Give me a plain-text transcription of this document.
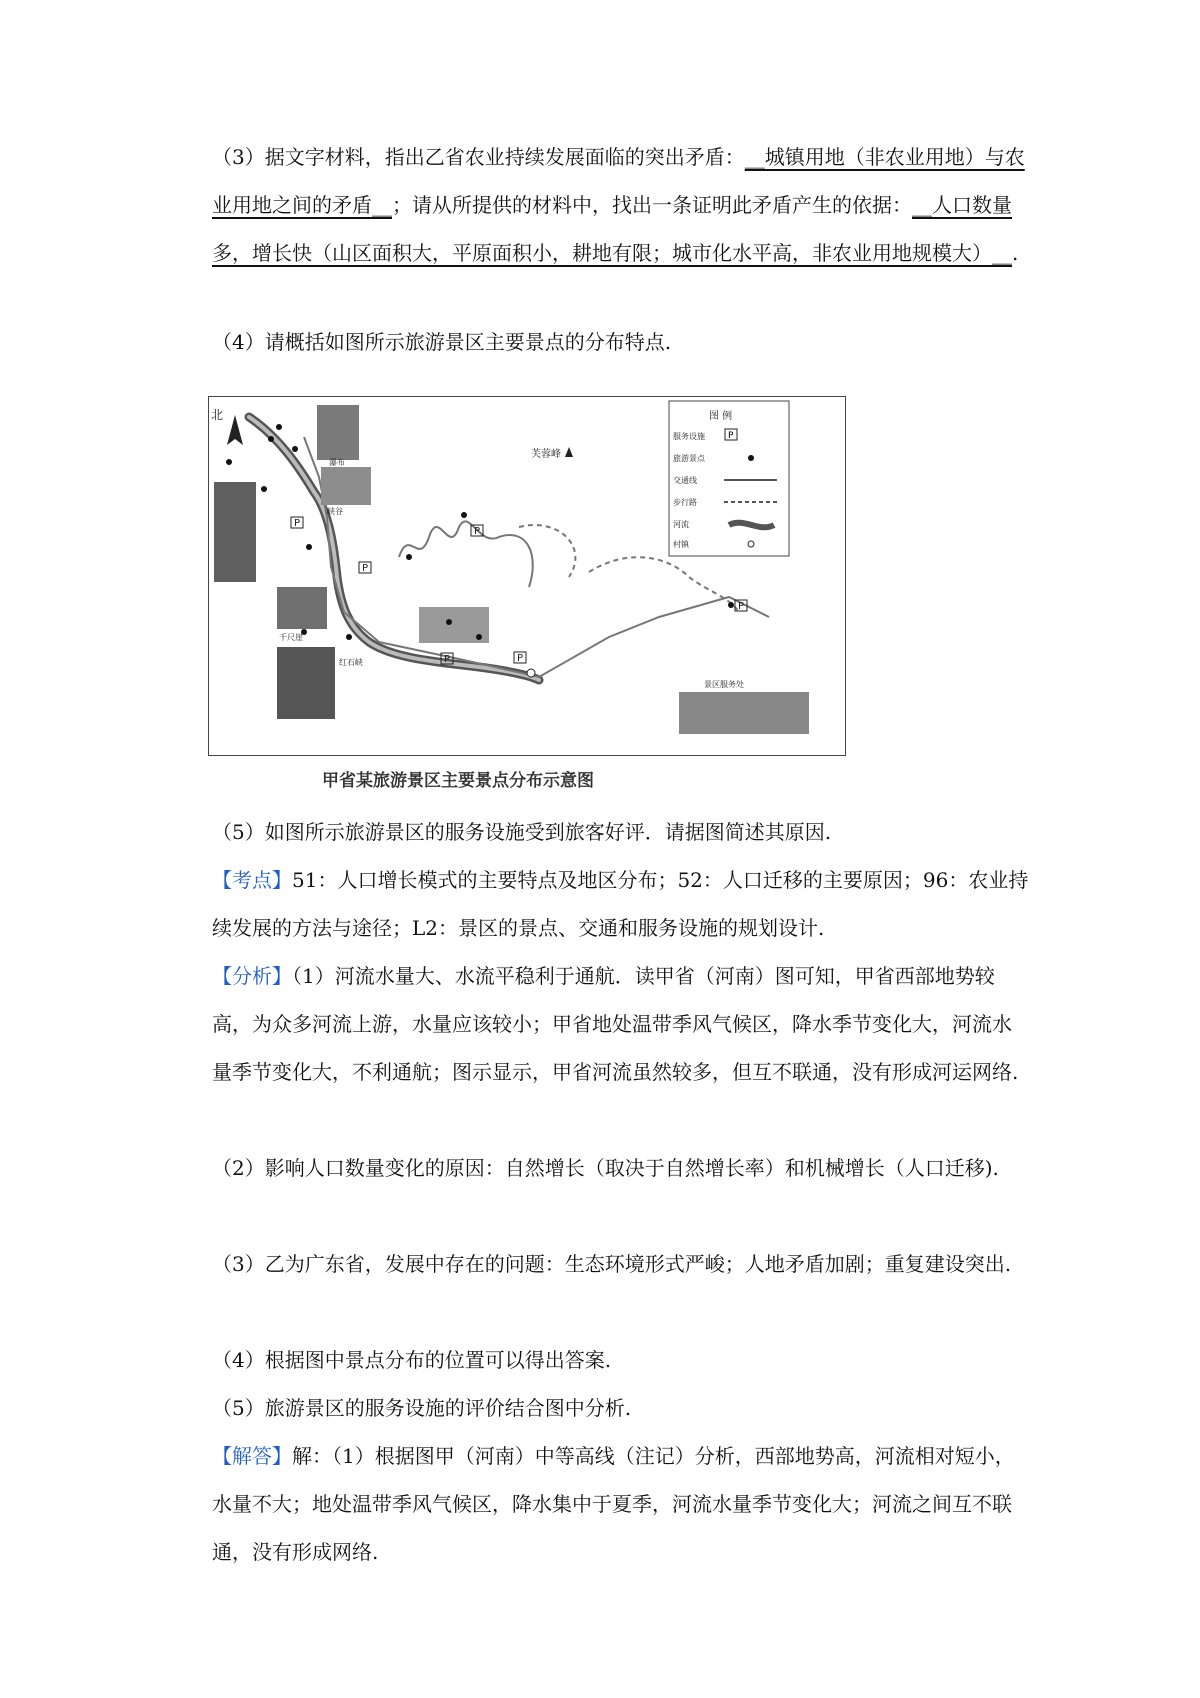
（3）据文字材料，指出乙省农业持续发展面临的突出矛盾：__城镇用地（非农业用地）与农业用地之间的矛盾__；请从所提供的材料中，找出一条证明此矛盾产生的依据：__人口数量多，增长快（山区面积大，平原面积小，耕地有限；城市化水平高，非农业用地规模大）__.

（4）请概括如图所示旅游景区主要景点的分布特点.

北
P
P
P
P
P
P
芙蓉峰
瀑布
峡谷
千尺崖
红石峡
景区服务处
图 例
服务设施
旅游景点
交通线
步行路
河流
村镇
P
甲省某旅游景区主要景点分布示意图

（5）如图所示旅游景区的服务设施受到旅客好评．请据图简述其原因.

【考点】51：人口增长模式的主要特点及地区分布；52：人口迁移的主要原因；96：农业持续发展的方法与途径；L2：景区的景点、交通和服务设施的规划设计.

【分析】（1）河流水量大、水流平稳利于通航．读甲省（河南）图可知，甲省西部地势较高，为众多河流上游，水量应该较小；甲省地处温带季风气候区，降水季节变化大，河流水量季节变化大，不利通航；图示显示，甲省河流虽然较多，但互不联通，没有形成河运网络.

（2）影响人口数量变化的原因：自然增长（取决于自然增长率）和机械增长（人口迁移).

（3）乙为广东省，发展中存在的问题：生态环境形式严峻；人地矛盾加剧；重复建设突出.

（4）根据图中景点分布的位置可以得出答案.

（5）旅游景区的服务设施的评价结合图中分析.

【解答】解：（1）根据图甲（河南）中等高线（注记）分析，西部地势高，河流相对短小，水量不大；地处温带季风气候区，降水集中于夏季，河流水量季节变化大；河流之间互不联通，没有形成网络.
